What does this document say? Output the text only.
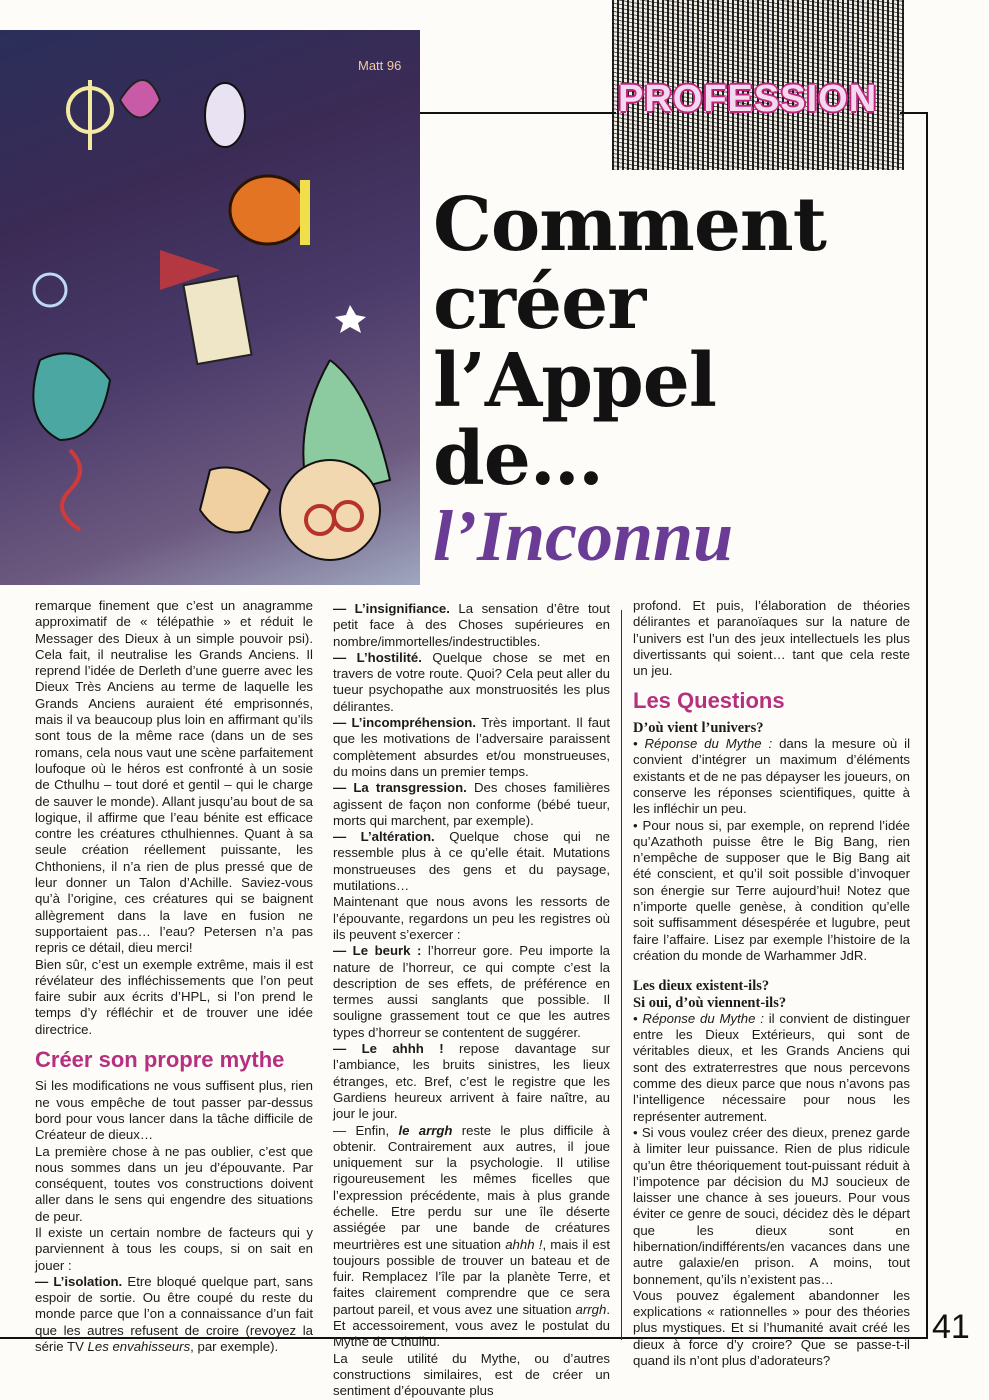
Matt 96
PROFESSION
Comment
créer
l’Appel
de…
l’Inconnu

remarque finement que c’est un anagramme approximatif de « télépathie » et réduit le Messager des Dieux à un simple pouvoir psi). Cela fait, il neutralise les Grands Anciens. Il reprend l’idée de Derleth d’une guerre avec les Dieux Très Anciens au terme de laquelle les Grands Anciens auraient été emprisonnés, mais il va beaucoup plus loin en affirmant qu’ils sont tous de la même race (dans un de ses romans, cela nous vaut une scène parfaitement loufoque où le héros est confronté à un sosie de Cthulhu – tout doré et gentil – qui le charge de sauver le monde). Allant jusqu’au bout de sa logique, il affirme que l’eau bénite est efficace contre les créatures cthulhiennes. Quant à sa seule création réellement puissante, les Chthoniens, il n’a rien de plus pressé que de leur donner un Talon d’Achille. Saviez-vous qu’à l’origine, ces créatures qui se baignent allègrement dans la lave en fusion ne supportaient pas… l’eau? Petersen n’a pas repris ce détail, dieu merci!

Bien sûr, c’est un exemple extrême, mais il est révélateur des infléchissements que l’on peut faire subir aux écrits d’HPL, si l’on prend le temps d’y réfléchir et de trouver une idée directrice.

Créer son propre mythe

Si les modifications ne vous suffisent plus, rien ne vous empêche de tout passer par-dessus bord pour vous lancer dans la tâche difficile de Créateur de dieux…

La première chose à ne pas oublier, c’est que nous sommes dans un jeu d’épouvante. Par conséquent, toutes vos constructions doivent aller dans le sens qui engendre des situations de peur.

Il existe un certain nombre de facteurs qui y parviennent à tous les coups, si on sait en jouer :

— L’isolation. Etre bloqué quelque part, sans espoir de sortie. Ou être coupé du reste du monde parce que l’on a connaissance d’un fait que les autres refusent de croire (revoyez la série TV Les envahisseurs, par exemple).

— L’insignifiance. La sensation d’être tout petit face à des Choses supérieures en nombre/immortelles/indestructibles.

— L’hostilité. Quelque chose se met en travers de votre route. Quoi? Cela peut aller du tueur psychopathe aux monstruosités les plus délirantes.

— L’incompréhension. Très important. Il faut que les motivations de l’adversaire paraissent complètement absurdes et/ou monstrueuses, du moins dans un premier temps.

— La transgression. Des choses familières agissent de façon non conforme (bébé tueur, morts qui marchent, par exemple).

— L’altération. Quelque chose qui ne ressemble plus à ce qu’elle était. Mutations monstrueuses des gens et du paysage, mutilations…

Maintenant que nous avons les ressorts de l’épouvante, regardons un peu les registres où ils peuvent s’exercer :

— Le beurk : l’horreur gore. Peu importe la nature de l’horreur, ce qui compte c’est la description de ses effets, de préférence en termes aussi sanglants que possible. Il souligne grassement tout ce que les autres types d’horreur se contentent de suggérer.

— Le ahhh ! repose davantage sur l’ambiance, les bruits sinistres, les lieux étranges, etc. Bref, c’est le registre que les Gardiens heureux arrivent à faire naître, au jour le jour.

— Enfin, le arrgh reste le plus difficile à obtenir. Contrairement aux autres, il joue uniquement sur la psychologie. Il utilise rigoureusement les mêmes ficelles que l’expression précédente, mais à plus grande échelle. Etre perdu sur une île déserte assiégée par une bande de créatures meurtrières est une situation ahhh !, mais il est toujours possible de trouver un bateau et de fuir. Remplacez l’île par la planète Terre, et faites clairement comprendre que ce sera partout pareil, et vous avez une situation arrgh. Et accessoirement, vous avez le postulat du Mythe de Cthulhu.

La seule utilité du Mythe, ou d’autres constructions similaires, est de créer un sentiment d’épouvante plus

profond. Et puis, l’élaboration de théories délirantes et paranoïaques sur la nature de l’univers est l’un des jeux intellectuels les plus divertissants qui soient… tant que cela reste un jeu.

Les Questions

D’où vient l’univers?

• Réponse du Mythe : dans la mesure où il convient d’intégrer un maximum d’éléments existants et de ne pas dépayser les joueurs, on conserve les réponses scientifiques, quitte à les infléchir un peu.

• Pour nous si, par exemple, on reprend l’idée qu’Azathoth puisse être le Big Bang, rien n’empêche de supposer que le Big Bang ait été conscient, et qu’il soit possible d’invoquer son énergie sur Terre aujourd’hui! Notez que n’importe quelle genèse, à condition qu’elle soit suffisamment désespérée et lugubre, peut faire l’affaire. Lisez par exemple l’histoire de la création du monde de Warhammer JdR.

Les dieux existent-ils?

Si oui, d’où viennent-ils?

• Réponse du Mythe : il convient de distinguer entre les Dieux Extérieurs, qui sont de véritables dieux, et les Grands Anciens qui sont des extraterrestres que nous percevons comme des dieux parce que nous n’avons pas l’intelligence nécessaire pour nous les représenter autrement.

• Si vous voulez créer des dieux, prenez garde à limiter leur puissance. Rien de plus ridicule qu’un être théoriquement tout-puissant réduit à l’impotence par décision du MJ soucieux de laisser une chance à ses joueurs. Pour vous éviter ce genre de souci, décidez dès le départ que les dieux sont en hibernation/indifférents/en vacances dans une autre galaxie/en prison. A moins, tout bonnement, qu’ils n’existent pas…

Vous pouvez également abandonner les explications « rationnelles » pour des théories plus mystiques. Et si l’humanité avait créé les dieux à force d’y croire? Que se passe-t-il quand ils n’ont plus d’adorateurs?

41
